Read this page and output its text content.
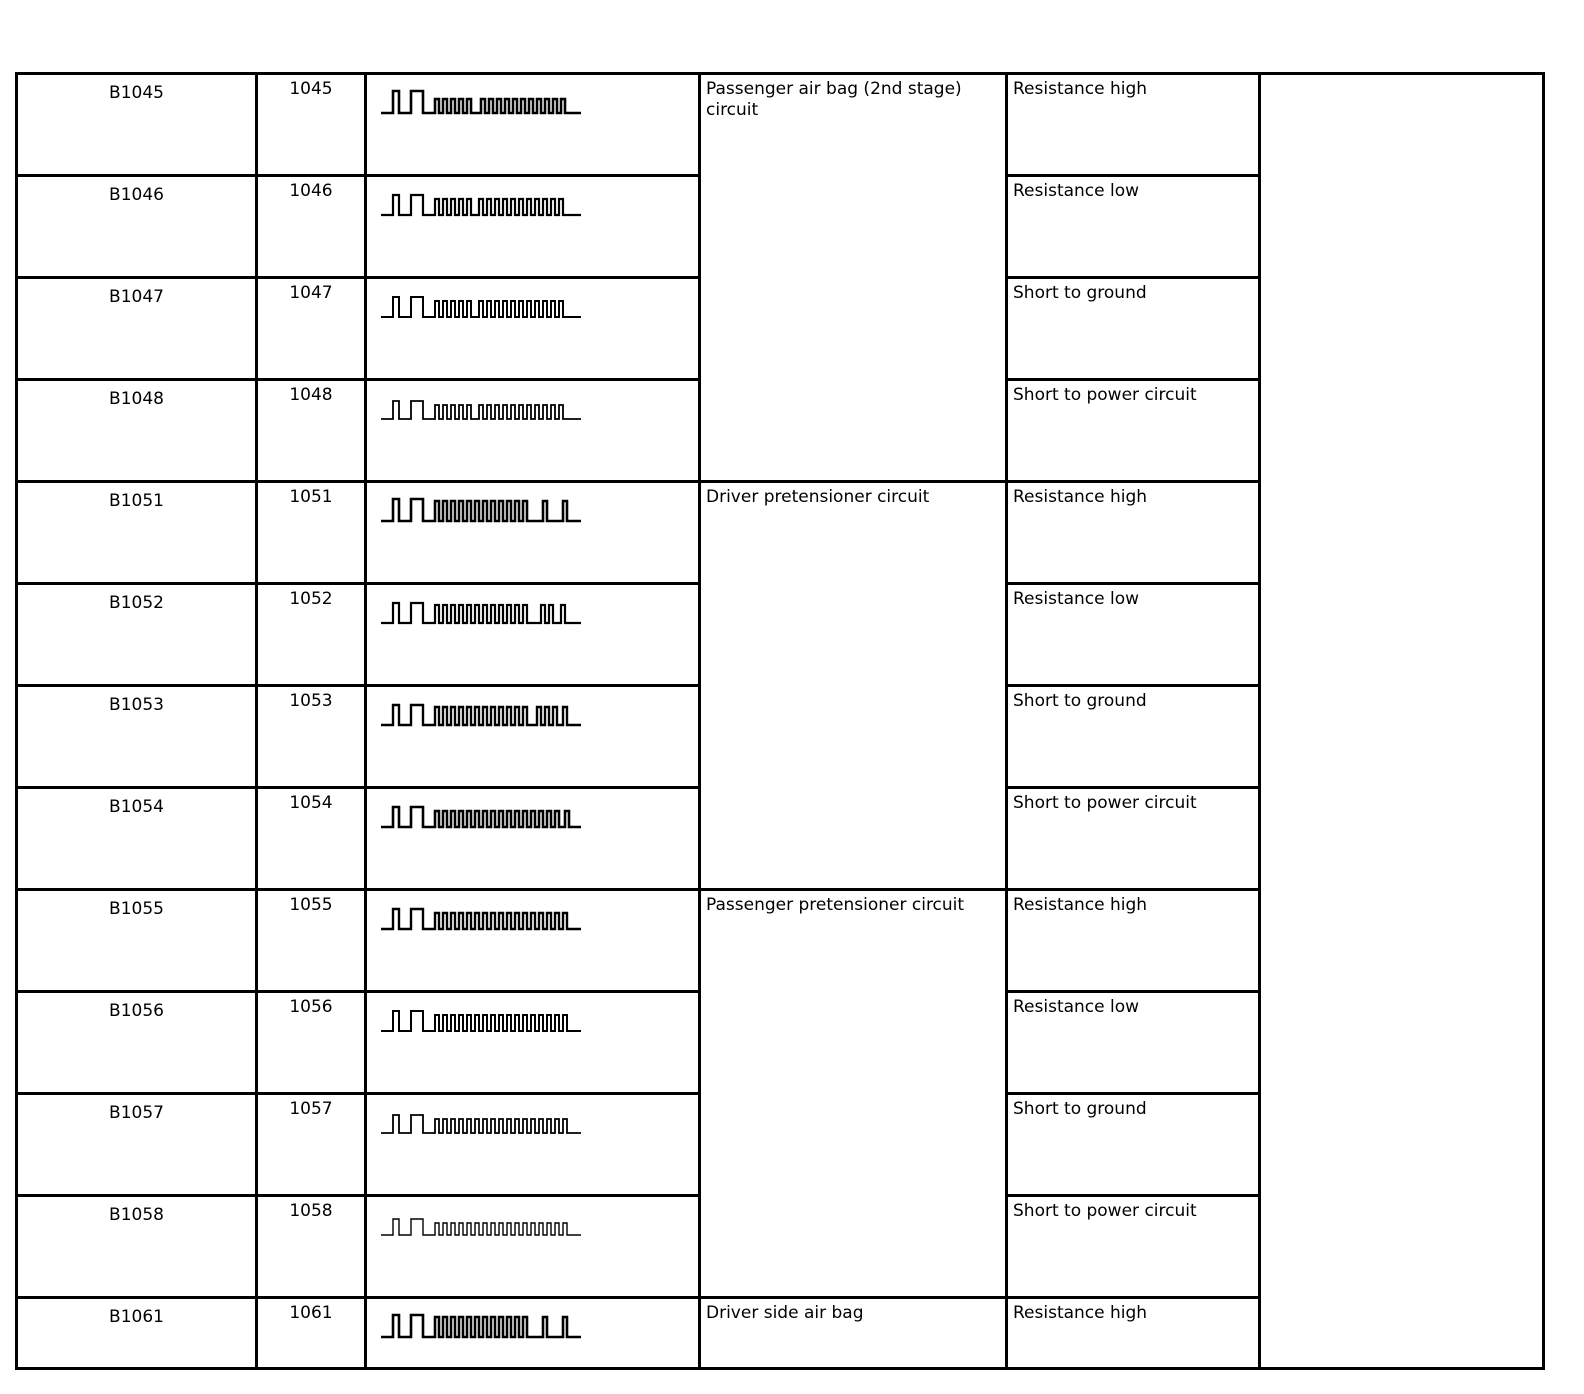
B1045	1045		Passenger air bag (2nd stage) circuit	Resistance high	
B1046	1046			Resistance low	
B1047	1047			Short to ground	
B1048	1048			Short to power circuit	
B1051	1051		Driver pretensioner circuit	Resistance high	
B1052	1052			Resistance low	
B1053	1053			Short to ground	
B1054	1054			Short to power circuit	
B1055	1055		Passenger pretensioner circuit	Resistance high	
B1056	1056			Resistance low	
B1057	1057			Short to ground	
B1058	1058			Short to power circuit	
B1061	1061		Driver side air bag	Resistance high	
